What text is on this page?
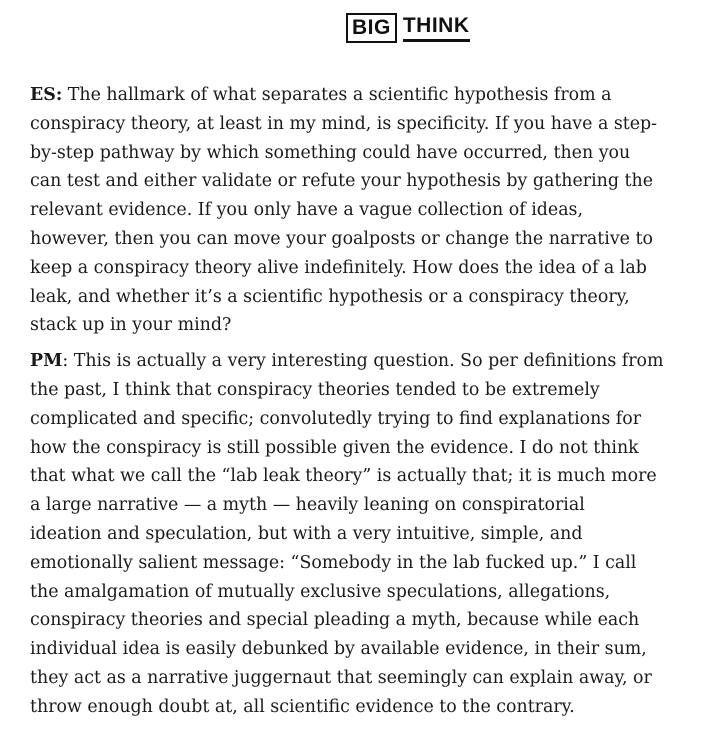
BIG THINK

ES: The hallmark of what separates a scientific hypothesis from a
conspiracy theory, at least in my mind, is specificity. If you have a step-
by-step pathway by which something could have occurred, then you
can test and either validate or refute your hypothesis by gathering the
relevant evidence. If you only have a vague collection of ideas,
however, then you can move your goalposts or change the narrative to
keep a conspiracy theory alive indefinitely. How does the idea of a lab
leak, and whether it’s a scientific hypothesis or a conspiracy theory,
stack up in your mind?

PM: This is actually a very interesting question. So per definitions from
the past, I think that conspiracy theories tended to be extremely
complicated and specific; convolutedly trying to find explanations for
how the conspiracy is still possible given the evidence. I do not think
that what we call the “lab leak theory” is actually that; it is much more
a large narrative — a myth — heavily leaning on conspiratorial
ideation and speculation, but with a very intuitive, simple, and
emotionally salient message: “Somebody in the lab fucked up.” I call
the amalgamation of mutually exclusive speculations, allegations,
conspiracy theories and special pleading a myth, because while each
individual idea is easily debunked by available evidence, in their sum,
they act as a narrative juggernaut that seemingly can explain away, or
throw enough doubt at, all scientific evidence to the contrary.
